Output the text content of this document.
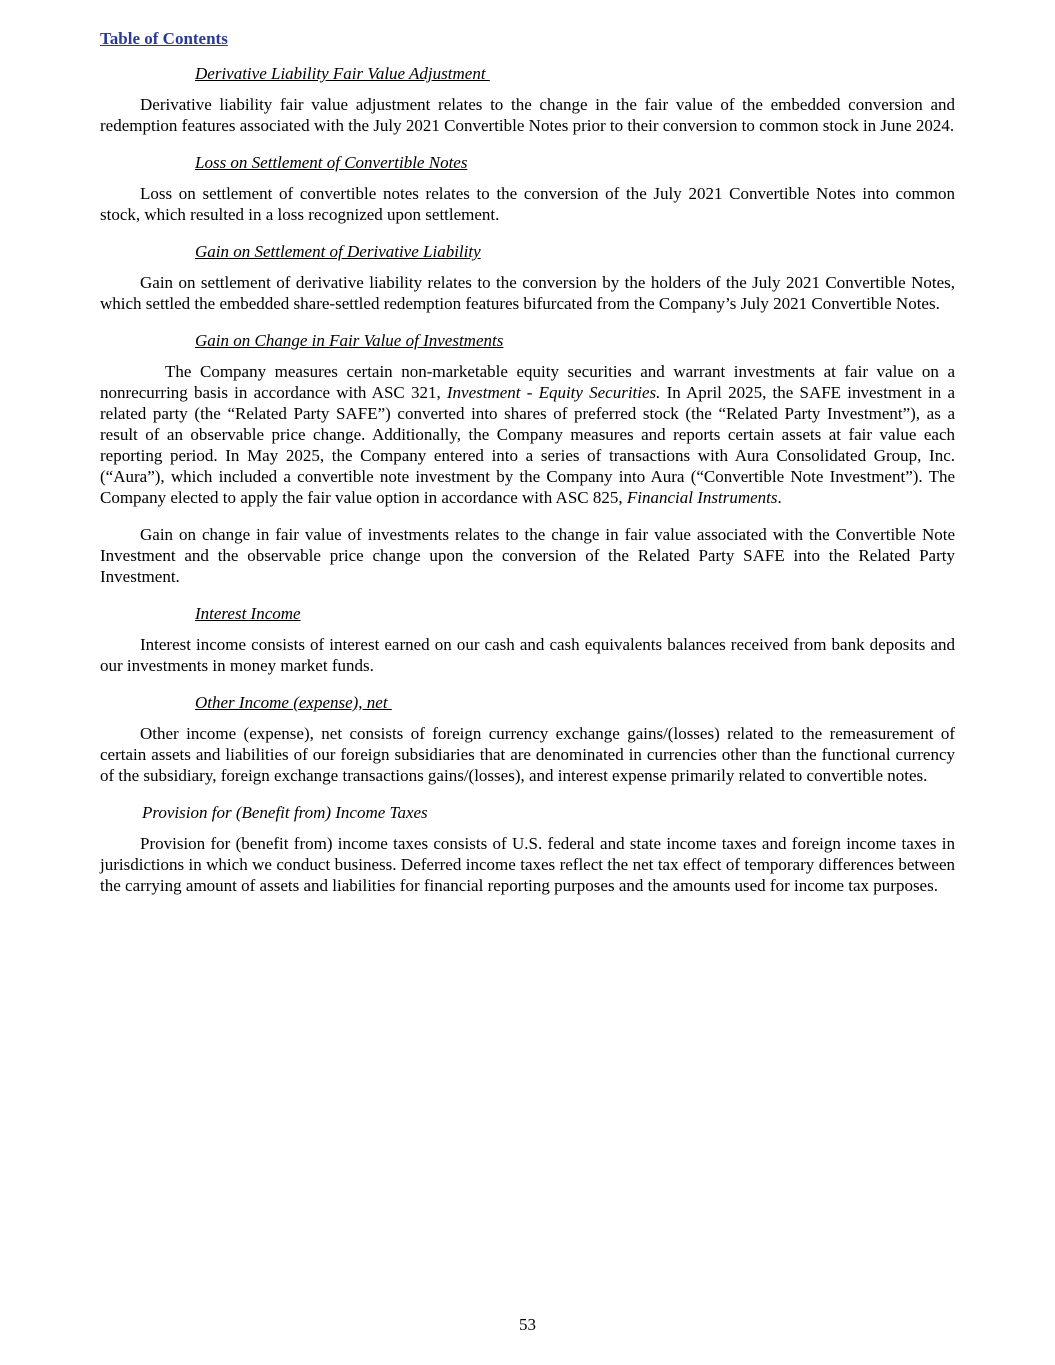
Table of Contents
Derivative Liability Fair Value Adjustment

Derivative liability fair value adjustment relates to the change in the fair value of the embedded conversion and redemption features associated with the July 2021 Convertible Notes prior to their conversion to common stock in June 2024.

Loss on Settlement of Convertible Notes

Loss on settlement of convertible notes relates to the conversion of the July 2021 Convertible Notes into common stock, which resulted in a loss recognized upon settlement.

Gain on Settlement of Derivative Liability

Gain on settlement of derivative liability relates to the conversion by the holders of the July 2021 Convertible Notes, which settled the embedded share-settled redemption features bifurcated from the Company’s July 2021 Convertible Notes.

Gain on Change in Fair Value of Investments

The Company measures certain non-marketable equity securities and warrant investments at fair value on a nonrecurring basis in accordance with ASC 321, Investment - Equity Securities. In April 2025, the SAFE investment in a related party (the “Related Party SAFE”) converted into shares of preferred stock (the “Related Party Investment”), as a result of an observable price change. Additionally, the Company measures and reports certain assets at fair value each reporting period. In May 2025, the Company entered into a series of transactions with Aura Consolidated Group, Inc. (“Aura”), which included a convertible note investment by the Company into Aura (“Convertible Note Investment”). The Company elected to apply the fair value option in accordance with ASC 825, Financial Instruments.

Gain on change in fair value of investments relates to the change in fair value associated with the Convertible Note Investment and the observable price change upon the conversion of the Related Party SAFE into the Related Party Investment.

Interest Income

Interest income consists of interest earned on our cash and cash equivalents balances received from bank deposits and our investments in money market funds.

Other Income (expense), net

Other income (expense), net consists of foreign currency exchange gains/(losses) related to the remeasurement of certain assets and liabilities of our foreign subsidiaries that are denominated in currencies other than the functional currency of the subsidiary, foreign exchange transactions gains/(losses), and interest expense primarily related to convertible notes.

Provision for (Benefit from) Income Taxes

Provision for (benefit from) income taxes consists of U.S. federal and state income taxes and foreign income taxes in jurisdictions in which we conduct business. Deferred income taxes reflect the net tax effect of temporary differences between the carrying amount of assets and liabilities for financial reporting purposes and the amounts used for income tax purposes.

53
